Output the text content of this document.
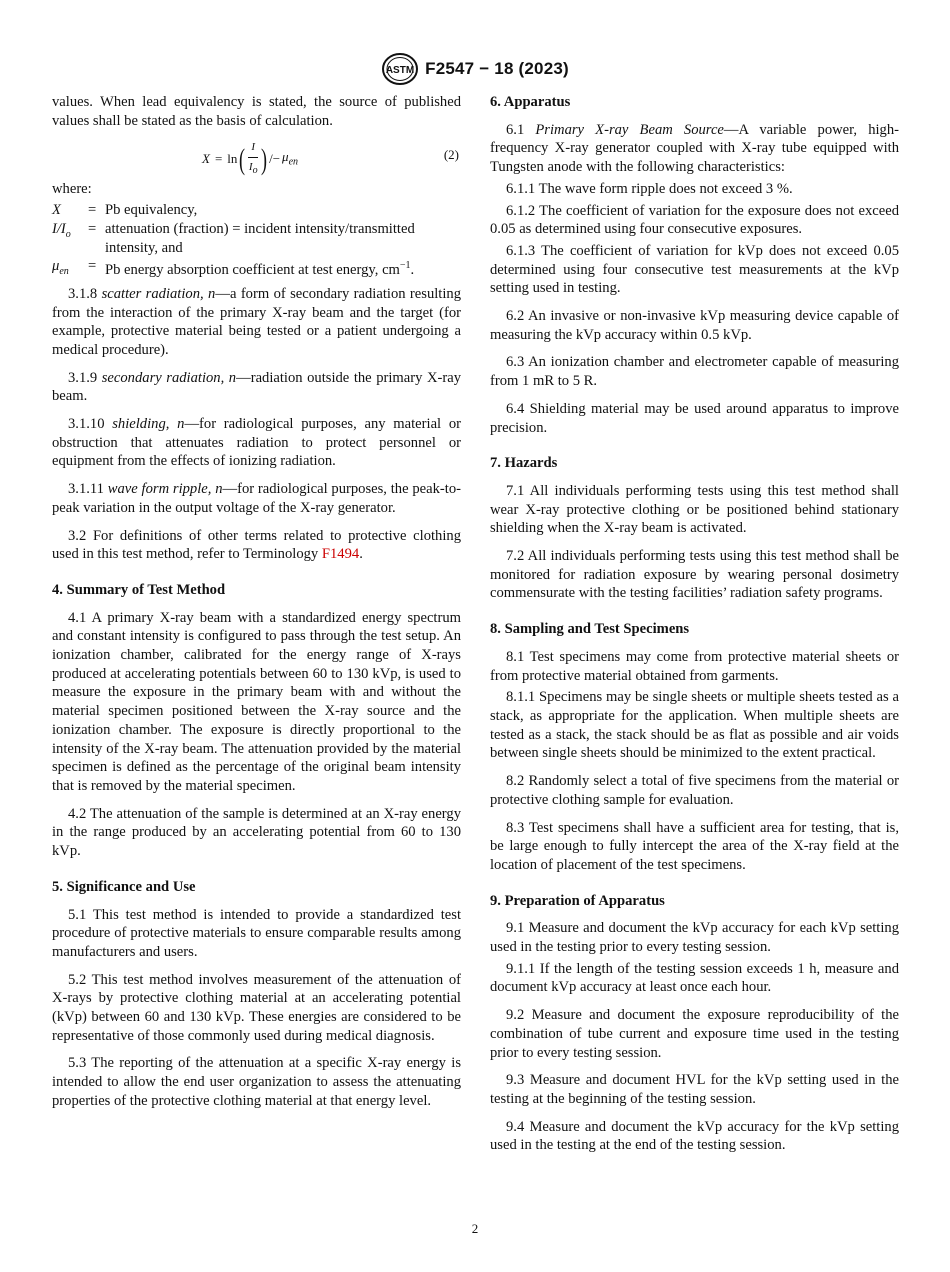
ASTM F2547 − 18 (2023)

values. When lead equivalency is stated, the source of published values shall be stated as the basis of calculation.

X = ln ( $\frac{I}{I_o}$ ) /− $\mu_{en}$	(2)

where:

X	= Pb equivalency,
$I/I_o$	= attenuation (fraction) = incident intensity/transmitted intensity, and
$\mu_{en}$	= Pb energy absorption coefficient at test energy, $cm^{-1}$.

3.1.8 scatter radiation, n—a form of secondary radiation resulting from the interaction of the primary X-ray beam and the target (for example, protective material being tested or a patient undergoing a medical procedure).

3.1.9 secondary radiation, n—radiation outside the primary X-ray beam.

3.1.10 shielding, n—for radiological purposes, any material or obstruction that attenuates radiation to protect personnel or equipment from the effects of ionizing radiation.

3.1.11 wave form ripple, n—for radiological purposes, the peak-to-peak variation in the output voltage of the X-ray generator.

3.2 For definitions of other terms related to protective clothing used in this test method, refer to Terminology F1494.

4. Summary of Test Method

4.1 A primary X-ray beam with a standardized energy spectrum and constant intensity is configured to pass through the test setup. An ionization chamber, calibrated for the energy range of X-rays produced at accelerating potentials between 60 to 130 kVp, is used to measure the exposure in the primary beam with and without the material specimen positioned between the X-ray source and the ionization chamber. The exposure is directly proportional to the intensity of the X-ray beam. The attenuation provided by the material specimen is defined as the percentage of the original beam intensity that is removed by the material specimen.

4.2 The attenuation of the sample is determined at an X-ray energy in the range produced by an accelerating potential from 60 to 130 kVp.

5. Significance and Use

5.1 This test method is intended to provide a standardized test procedure of protective materials to ensure comparable results among manufacturers and users.

5.2 This test method involves measurement of the attenuation of X-rays by protective clothing material at an accelerating potential (kVp) between 60 and 130 kVp. These energies are considered to be representative of those commonly used during medical diagnosis.

5.3 The reporting of the attenuation at a specific X-ray energy is intended to allow the end user organization to assess the attenuating properties of the protective clothing material at that energy level.

6. Apparatus

6.1 Primary X-ray Beam Source—A variable power, high-frequency X-ray generator coupled with X-ray tube equipped with Tungsten anode with the following characteristics:

6.1.1 The wave form ripple does not exceed 3 %.

6.1.2 The coefficient of variation for the exposure does not exceed 0.05 as determined using four consecutive exposures.

6.1.3 The coefficient of variation for kVp does not exceed 0.05 determined using four consecutive test measurements at the kVp setting used in testing.

6.2 An invasive or non-invasive kVp measuring device capable of measuring the kVp accuracy within 0.5 kVp.

6.3 An ionization chamber and electrometer capable of measuring from 1 mR to 5 R.

6.4 Shielding material may be used around apparatus to improve precision.

7. Hazards

7.1 All individuals performing tests using this test method shall wear X-ray protective clothing or be positioned behind stationary shielding when the X-ray beam is activated.

7.2 All individuals performing tests using this test method shall be monitored for radiation exposure by wearing personal dosimetry commensurate with the testing facilities’ radiation safety programs.

8. Sampling and Test Specimens

8.1 Test specimens may come from protective material sheets or from protective material obtained from garments.

8.1.1 Specimens may be single sheets or multiple sheets tested as a stack, as appropriate for the application. When multiple sheets are tested as a stack, the stack should be as flat as possible and air voids between single sheets should be minimized to the extent practical.

8.2 Randomly select a total of five specimens from the material or protective clothing sample for evaluation.

8.3 Test specimens shall have a sufficient area for testing, that is, be large enough to fully intercept the area of the X-ray field at the location of placement of the test specimens.

9. Preparation of Apparatus

9.1 Measure and document the kVp accuracy for each kVp setting used in the testing prior to every testing session.

9.1.1 If the length of the testing session exceeds 1 h, measure and document kVp accuracy at least once each hour.

9.2 Measure and document the exposure reproducibility of the combination of tube current and exposure time used in the testing prior to every testing session.

9.3 Measure and document HVL for the kVp setting used in the testing at the beginning of the testing session.

9.4 Measure and document the kVp accuracy for the kVp setting used in the testing at the end of the testing session.

2
